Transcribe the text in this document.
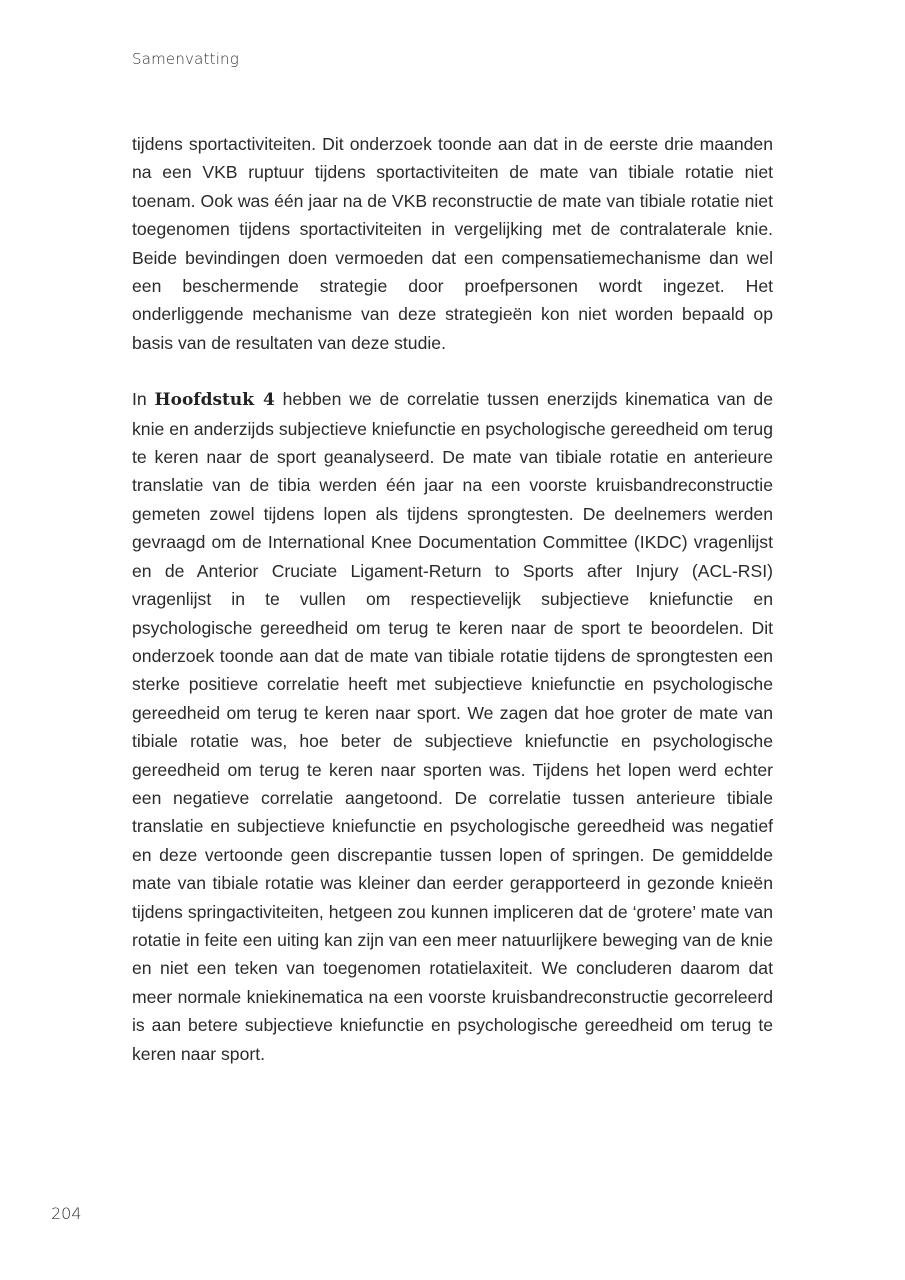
Samenvatting

tijdens sportactiviteiten. Dit onderzoek toonde aan dat in de eerste drie maanden na een VKB ruptuur tijdens sportactiviteiten de mate van tibiale rotatie niet toenam. Ook was één jaar na de VKB reconstructie de mate van tibiale rotatie niet toegenomen tijdens sportactiviteiten in vergelijking met de contralaterale knie. Beide bevindingen doen vermoeden dat een compensatiemechanisme dan wel een beschermende strategie door proefpersonen wordt ingezet. Het onderliggende mechanisme van deze strategieën kon niet worden bepaald op basis van de resultaten van deze studie.

In Hoofdstuk 4 hebben we de correlatie tussen enerzijds kinematica van de knie en anderzijds subjectieve kniefunctie en psychologische gereedheid om terug te keren naar de sport geanalyseerd. De mate van tibiale rotatie en anterieure translatie van de tibia werden één jaar na een voorste kruisbandreconstructie gemeten zowel tijdens lopen als tijdens sprongtesten. De deelnemers werden gevraagd om de International Knee Documentation Committee (IKDC) vragenlijst en de Anterior Cruciate Ligament-Return to Sports after Injury (ACL-RSI) vragenlijst in te vullen om respectievelijk subjectieve kniefunctie en psychologische gereedheid om terug te keren naar de sport te beoordelen. Dit onderzoek toonde aan dat de mate van tibiale rotatie tijdens de sprongtesten een sterke positieve correlatie heeft met subjectieve kniefunctie en psychologische gereedheid om terug te keren naar sport. We zagen dat hoe groter de mate van tibiale rotatie was, hoe beter de subjectieve kniefunctie en psychologische gereedheid om terug te keren naar sporten was. Tijdens het lopen werd echter een negatieve correlatie aangetoond. De correlatie tussen anterieure tibiale translatie en subjectieve kniefunctie en psychologische gereedheid was negatief en deze vertoonde geen discrepantie tussen lopen of springen. De gemiddelde mate van tibiale rotatie was kleiner dan eerder gerapporteerd in gezonde knieën tijdens springactiviteiten, hetgeen zou kunnen impliceren dat de ‘grotere’ mate van rotatie in feite een uiting kan zijn van een meer natuurlijkere beweging van de knie en niet een teken van toegenomen rotatielaxiteit. We concluderen daarom dat meer normale kniekinematica na een voorste kruisbandreconstructie gecorreleerd is aan betere subjectieve kniefunctie en psychologische gereedheid om terug te keren naar sport.

204
